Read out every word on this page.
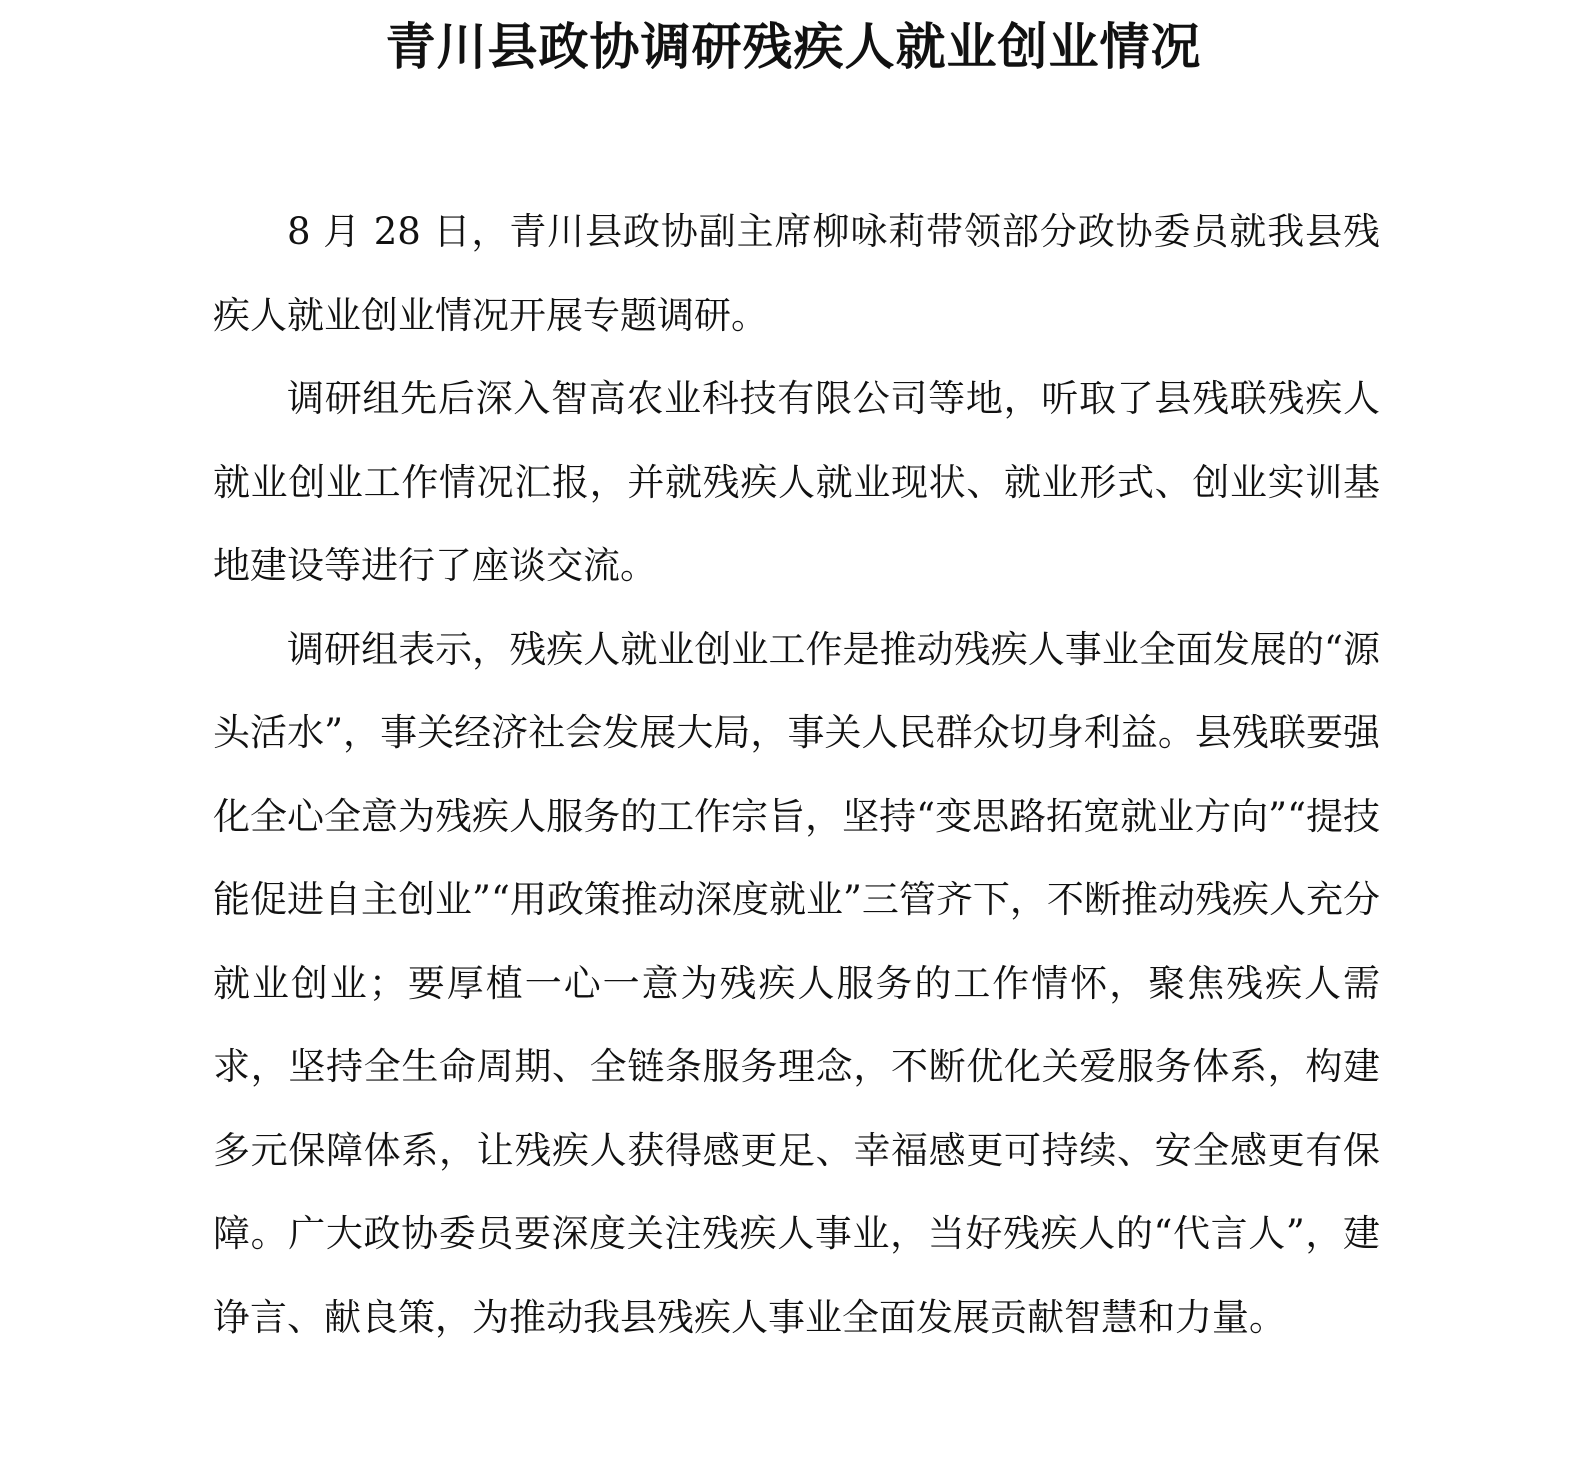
青川县政协调研残疾人就业创业情况

8 月 28 日，青川县政协副主席柳咏莉带领部分政协委员就我县残疾人就业创业情况开展专题调研。

调研组先后深入智高农业科技有限公司等地，听取了县残联残疾人就业创业工作情况汇报，并就残疾人就业现状、就业形式、创业实训基地建设等进行了座谈交流。

调研组表示，残疾人就业创业工作是推动残疾人事业全面发展的“源头活水”，事关经济社会发展大局，事关人民群众切身利益。县残联要强化全心全意为残疾人服务的工作宗旨，坚持“变思路拓宽就业方向”“提技能促进自主创业”“用政策推动深度就业”三管齐下，不断推动残疾人充分就业创业；要厚植一心一意为残疾人服务的工作情怀，聚焦残疾人需求，坚持全生命周期、全链条服务理念，不断优化关爱服务体系，构建多元保障体系，让残疾人获得感更足、幸福感更可持续、安全感更有保障。广大政协委员要深度关注残疾人事业，当好残疾人的“代言人”，建诤言、献良策，为推动我县残疾人事业全面发展贡献智慧和力量。
